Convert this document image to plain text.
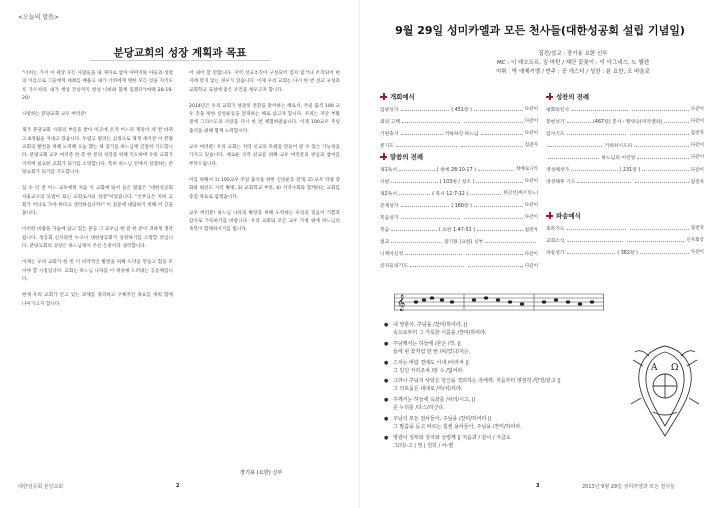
<오늘의 말씀>
분당교회의 성장 계획과 목표

"너희는 가서 이 세상 모든 사람들을 내 제자로 삼아 아버지와 아들과 성령의 이름으로 그들에게 세례를 베풀고 내가 너희에게 명한 모든 것을 지키도록 가르쳐라. 내가 세상 끝날까지 항상 너희와 함께 있겠다"(마태 28:19-20)

사랑하는 분당교회 교우 여러분!

제가 분당교회 사목의 부름을 받아 이곳에 온지 어느덧 계절이 세 번 바뀌고 8개월을 지내고 있습니다. 두렵고 떨리는 심정으로 제게 새겨진 이 분당교회의 발전을 위해 노력해 오늘 했는 제 장기를 하느님께 간절히 기도합니다. 분당교회 교우 여러분 한 분 한 분의 성장을 위해 기도하며 우리 교회가 지역에 필요한 교회가 되기를 소망합니다. 특히 하느님 안에서 성장하는 분당교회가 되기를 기도합니다.

십 수 년 전 어느 교우에게 처음 이 교회에 와서 들은 말씀은 "대한성공회 서울교구의 모범이 되는 교회로서의 성장"이었습니다. "신부님은 저희 교회가 어디로 가야 한다고 생각하십니까?" 이 질문에 대답하기 위해 이 글을 씁니다.

이러한 바람을 가슴에 담고 있는 분들 그 교우님 한 분 한 분이 귀하게 생각됩니다. 성공회 신자라면 누구나 대한성공회가 성장하기를 소망할 것입니다. 분당교회의 성장은 하느님께서 주신 은총이라 생각합니다.

이제는 우리 교회가 한 번 더 비약적인 발전을 위해 도약을 만들고 힘을 모아야 할 시점입니다. 교회는 하느님 나라를 이 세상에 드러내는 공동체입니다.

현재 우리 교회가 안고 있는 과제를 정리하고 구체적인 목표를 세워 함께 나아가고자 합니다.

어 내어 할 만합니다. 지역 선교조직이 구성되어 있지 않거나 조직되어 현지에 맞지 않는 경우가 있습니다. 이제 우리 교회는 다시 한 번 선교 구성과 교회학교 육성에 좋은 조건을 세우고자 합니다.

2014년은 우리 교회가 성장의 전환을 맞이하는 해로서, 주일 출석 100 교우 층을 위한 신앙운동을 전개하는 해로 삼고자 합니다. 우리는 지난 부활절에 그리스도의 사랑을 다시 한 번 체험하였습니다. 이제 100교우 주일 출석을 위해 함께 노력합시다.

교우 여러분! 우리 교회는 지역 선교의 모델을 만들어 갈 수 있는 가능성을 가지고 있습니다. 새로운 지역 선교를 위해 교우 여러분의 관심과 참여를 부탁드립니다.

이를 위해서 1) 100교우 주일 출석을 위한 신앙운동 전개, 2) 교우 역량 강화와 평신도 사역 확대, 3) 교회학교 부흥, 4) 지역사회와 함께하는 교회를 중점 목표로 삼겠습니다.

교우 여러분! 하느님 나라의 확장을 위해 노력하는 우리의 걸음이 기쁨과 감사로 가득하기를 바랍니다. 우리 교회와 모든 교우 가정 위에 하느님의 축복이 함께하시기를 빕니다.

장기용 (요한) 신부
대한성공회 분당교회	2
9월 29일 성미카엘과 모든 천사들(대한성공회 설립 기념일)
집전/설교 : 장기용 요한 신부
MC : 이 데오도르, 김 마틴 / 제단 꽃꽂이 : 이 아그네스, 노 헬렌
지휘 : 박 에제키엘 / 반주 : 공 에스더 / 성찬 : 윤 요한, 조 바울로
개회예식
입당성가	( 451장 )	다같이
죄의 고백	다같이
기원송가	거룩하신 하느님	다같이
본기도	집전자
말씀의 전례
제1독서	( 창세 28:10-17 )	정베로니카
시편	( 103편 / 칭조 )	다같이
제2독서	( 묵시 12:7-12 )	한긴선(마르티노)
층계성가	( 180장 )	다같이
복음성가	다같이
복음	( 요한 1:47-51 )	집전자
설교	장기용 (요한) 신부
니케아신경	다같이
신자들의기도	다같이
성찬의 전례
평화의인사	다같이
봉헌성가	(467장) 봉사 : 황영숙(미카엘라)	다같이
감사기도	집전자
거룩하시도다	다같이
하느님의 어린양	다같이
영성체성가	( 231장 )	다같이
영성체후 기도	집전자
파송예식
축복기도	집전자
교회소식	신자회장
파송성가	( 362장 )	다같이
3	2013년 9월 29일 성미카엘과 모든 천사들
𝄞
● 내 영혼아, 주님을 /찬미/하여라. ||
속으로부터 그 거룩한 이름을 /찬미/하여라.
● 주님께서는 하늘에 /굳은 /것, ||
들에 핀 꽃처럼 한 번 /피/었다/지는.
● 스치는 바람 결에도 이내 /사라져 ||
그 있던 자리조차 /알 수 /없어라.
● 그러나 주님의 사랑은 당신을 경외하는 자에게: 처음부터 영원히 /한결/같고 ||
그 의로움은 대대로 /미/치/리라.
● 주께서는 하늘에 옥좌를 /차리/시고, ||
온 누리를 /다스/리신다.
● 주님의 모든 천사들아, 주님을 /찬미/하여라 ||
그 말씀을 듣고 따르는 힘센 용사들아, 주님을 /찬미/하여라.
● 영광이 성부와 성자와 성령께 || 처음과 / 같이 / 지금도
그/리/-고 | 영 | 원히 / 아-멘
A Ω
